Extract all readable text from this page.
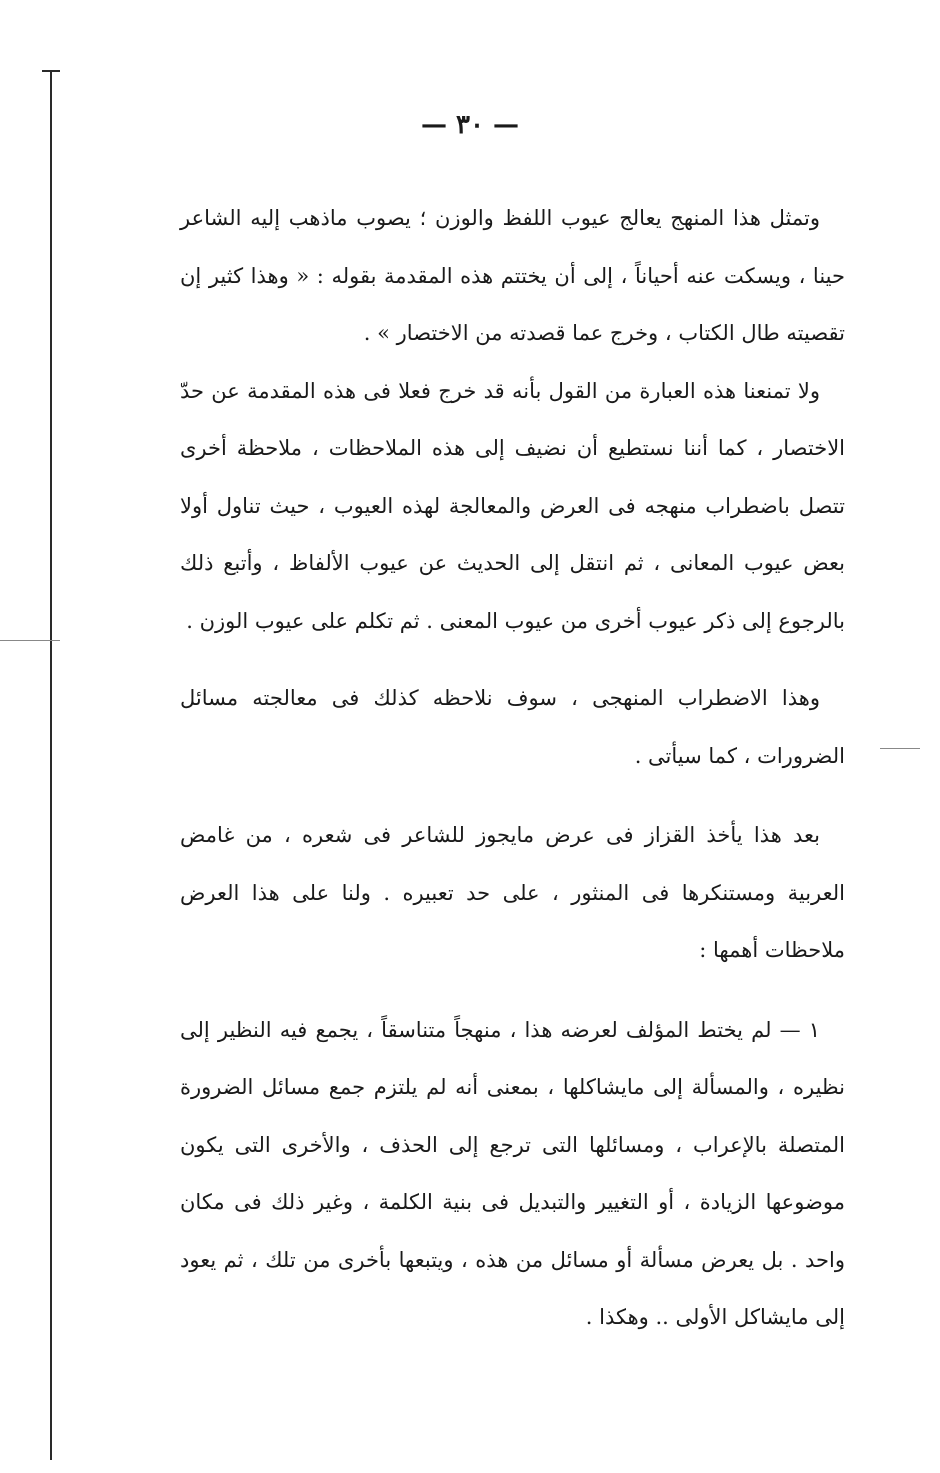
— ٣٠ —

وتمثل هذا المنهج يعالج عيوب اللفظ والوزن ؛ يصوب ماذهب إليه الشاعر حينا ، ويسكت عنه أحياناً ، إلى أن يختتم هذه المقدمة بقوله : « وهذا كثير إن تقصيته طال الكتاب ، وخرج عما قصدته من الاختصار » .

ولا تمنعنا هذه العبارة من القول بأنه قد خرج فعلا فى هذه المقدمة عن حدّ الاختصار ، كما أننا نستطيع أن نضيف إلى هذه الملاحظات ، ملاحظة أخرى تتصل باضطراب منهجه فى العرض والمعالجة لهذه العيوب ، حيث تناول أولا بعض عيوب المعانى ، ثم انتقل إلى الحديث عن عيوب الألفاظ ، وأتبع ذلك بالرجوع إلى ذكر عيوب أخرى من عيوب المعنى . ثم تكلم على عيوب الوزن .

وهذا الاضطراب المنهجى ، سوف نلاحظه كذلك فى معالجته مسائل الضرورات ، كما سيأتى .

بعد هذا يأخذ القزاز فى عرض مايجوز للشاعر فى شعره ، من غامض العربية ومستنكرها فى المنثور ، على حد تعبيره . ولنا على هذا العرض ملاحظات أهمها :

١ — لم يختط المؤلف لعرضه هذا ، منهجاً متناسقاً ، يجمع فيه النظير إلى نظيره ، والمسألة إلى مايشاكلها ، بمعنى أنه لم يلتزم جمع مسائل الضرورة المتصلة بالإعراب ، ومسائلها التى ترجع إلى الحذف ، والأخرى التى يكون موضوعها الزيادة ، أو التغيير والتبديل فى بنية الكلمة ، وغير ذلك فى مكان واحد . بل يعرض مسألة أو مسائل من هذه ، ويتبعها بأخرى من تلك ، ثم يعود إلى مايشاكل الأولى .. وهكذا .
